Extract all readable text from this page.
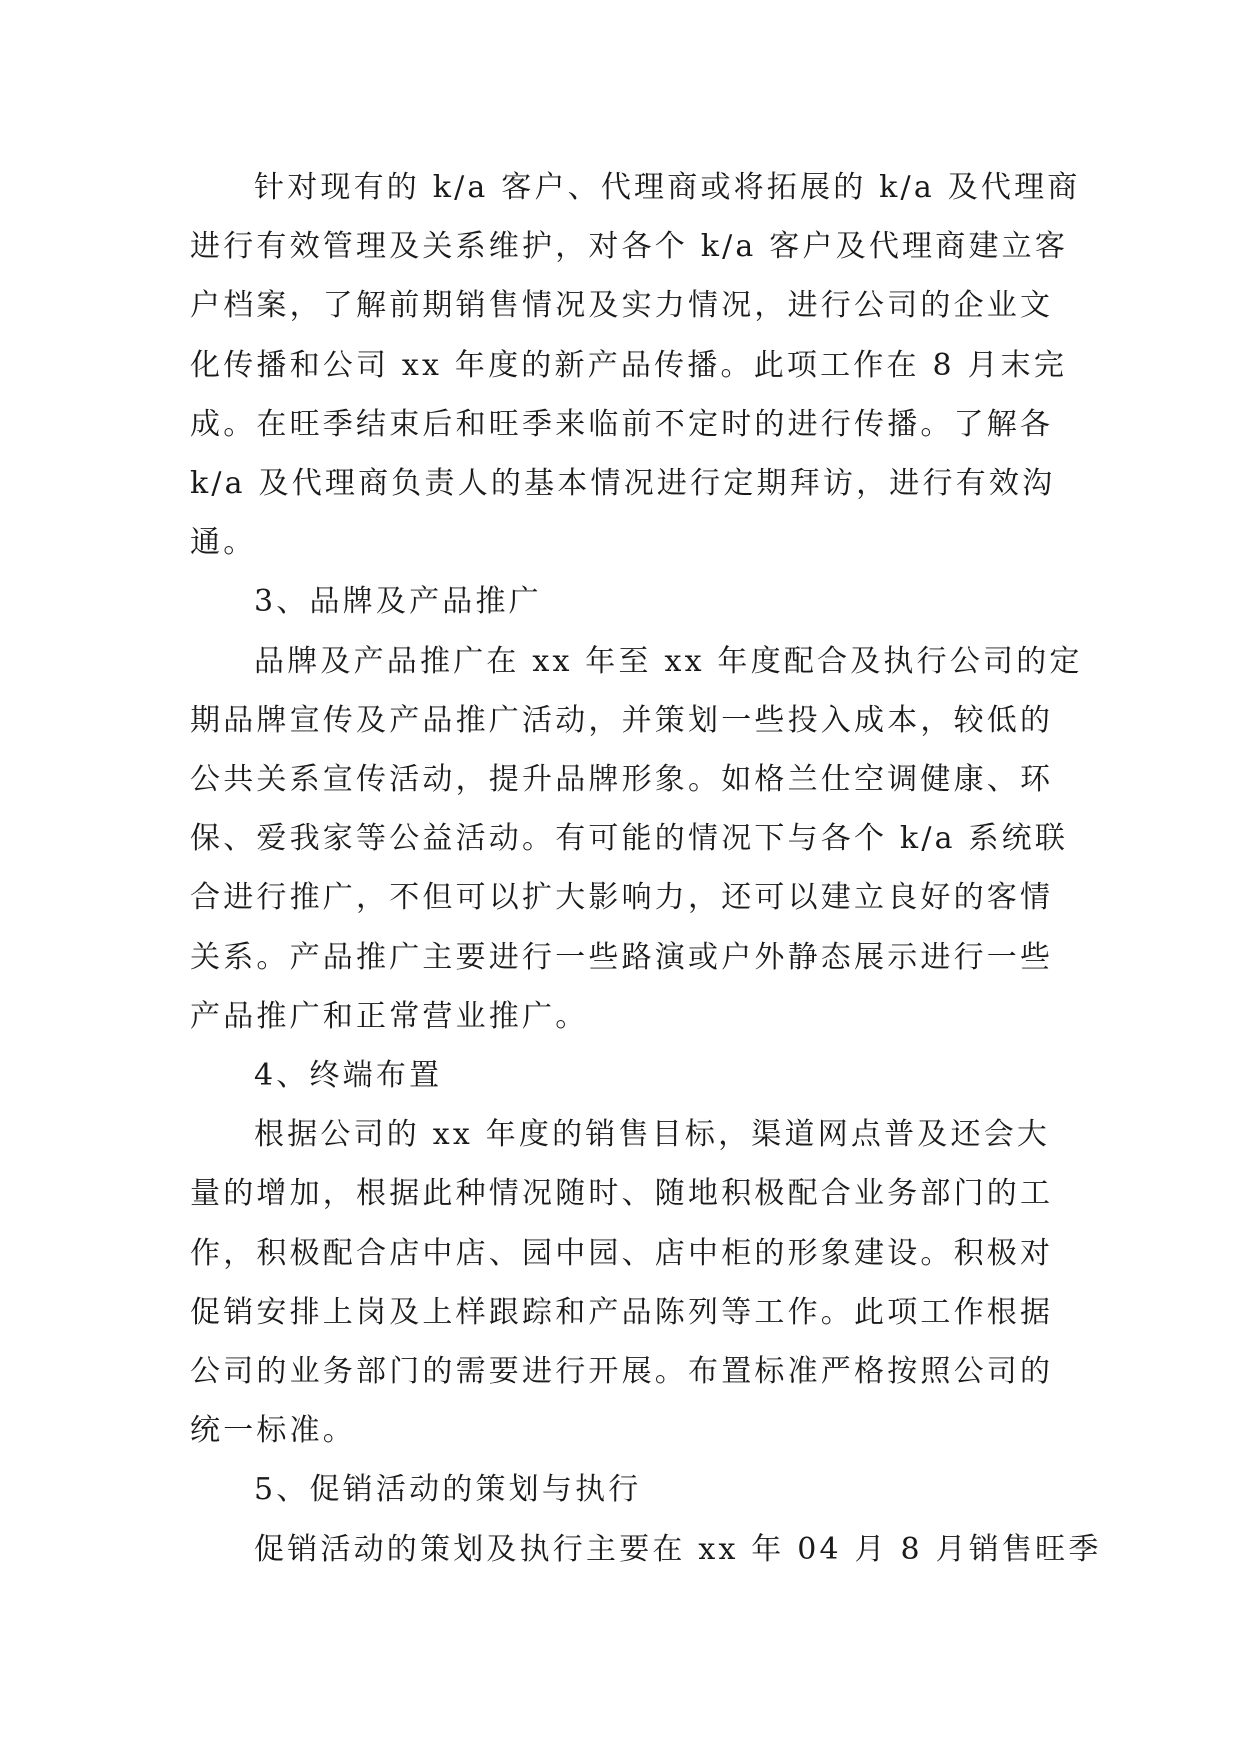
针对现有的 k/a 客户、代理商或将拓展的 k/a 及代理商

进行有效管理及关系维护，对各个 k/a 客户及代理商建立客

户档案，了解前期销售情况及实力情况，进行公司的企业文

化传播和公司 xx 年度的新产品传播。此项工作在 8 月末完

成。在旺季结束后和旺季来临前不定时的进行传播。了解各

k/a 及代理商负责人的基本情况进行定期拜访，进行有效沟

通。

3、品牌及产品推广

品牌及产品推广在 xx 年至 xx 年度配合及执行公司的定

期品牌宣传及产品推广活动，并策划一些投入成本，较低的

公共关系宣传活动，提升品牌形象。如格兰仕空调健康、环

保、爱我家等公益活动。有可能的情况下与各个 k/a 系统联

合进行推广，不但可以扩大影响力，还可以建立良好的客情

关系。产品推广主要进行一些路演或户外静态展示进行一些

产品推广和正常营业推广。

4、终端布置

根据公司的 xx 年度的销售目标，渠道网点普及还会大

量的增加，根据此种情况随时、随地积极配合业务部门的工

作，积极配合店中店、园中园、店中柜的形象建设。积极对

促销安排上岗及上样跟踪和产品陈列等工作。此项工作根据

公司的业务部门的需要进行开展。布置标准严格按照公司的

统一标准。

5、促销活动的策划与执行

促销活动的策划及执行主要在 xx 年 04 月 8 月销售旺季
